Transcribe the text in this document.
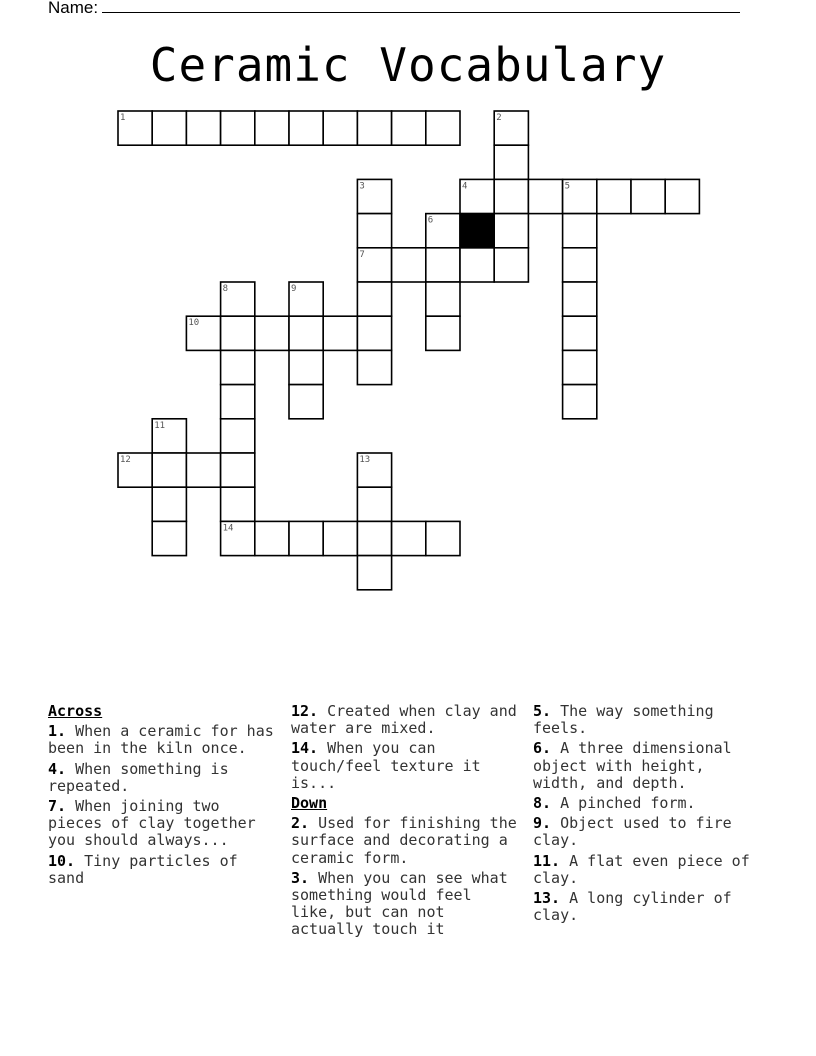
Name:
Ceramic Vocabulary
1	2
3	4	5
6
7
8	9
10
11
12	13
14
Across
1. When a ceramic for has been in the kiln once.
4. When something is repeated.
7. When joining two pieces of clay together you should always...
10. Tiny particles of sand
12. Created when clay and water are mixed.
14. When you can touch/feel texture it is...
Down
2. Used for finishing the surface and decorating a ceramic form.
3. When you can see what something would feel like, but can not actually touch it
5. The way something feels.
6. A three dimensional object with height, width, and depth.
8. A pinched form.
9. Object used to fire clay.
11. A flat even piece of clay.
13. A long cylinder of clay.
